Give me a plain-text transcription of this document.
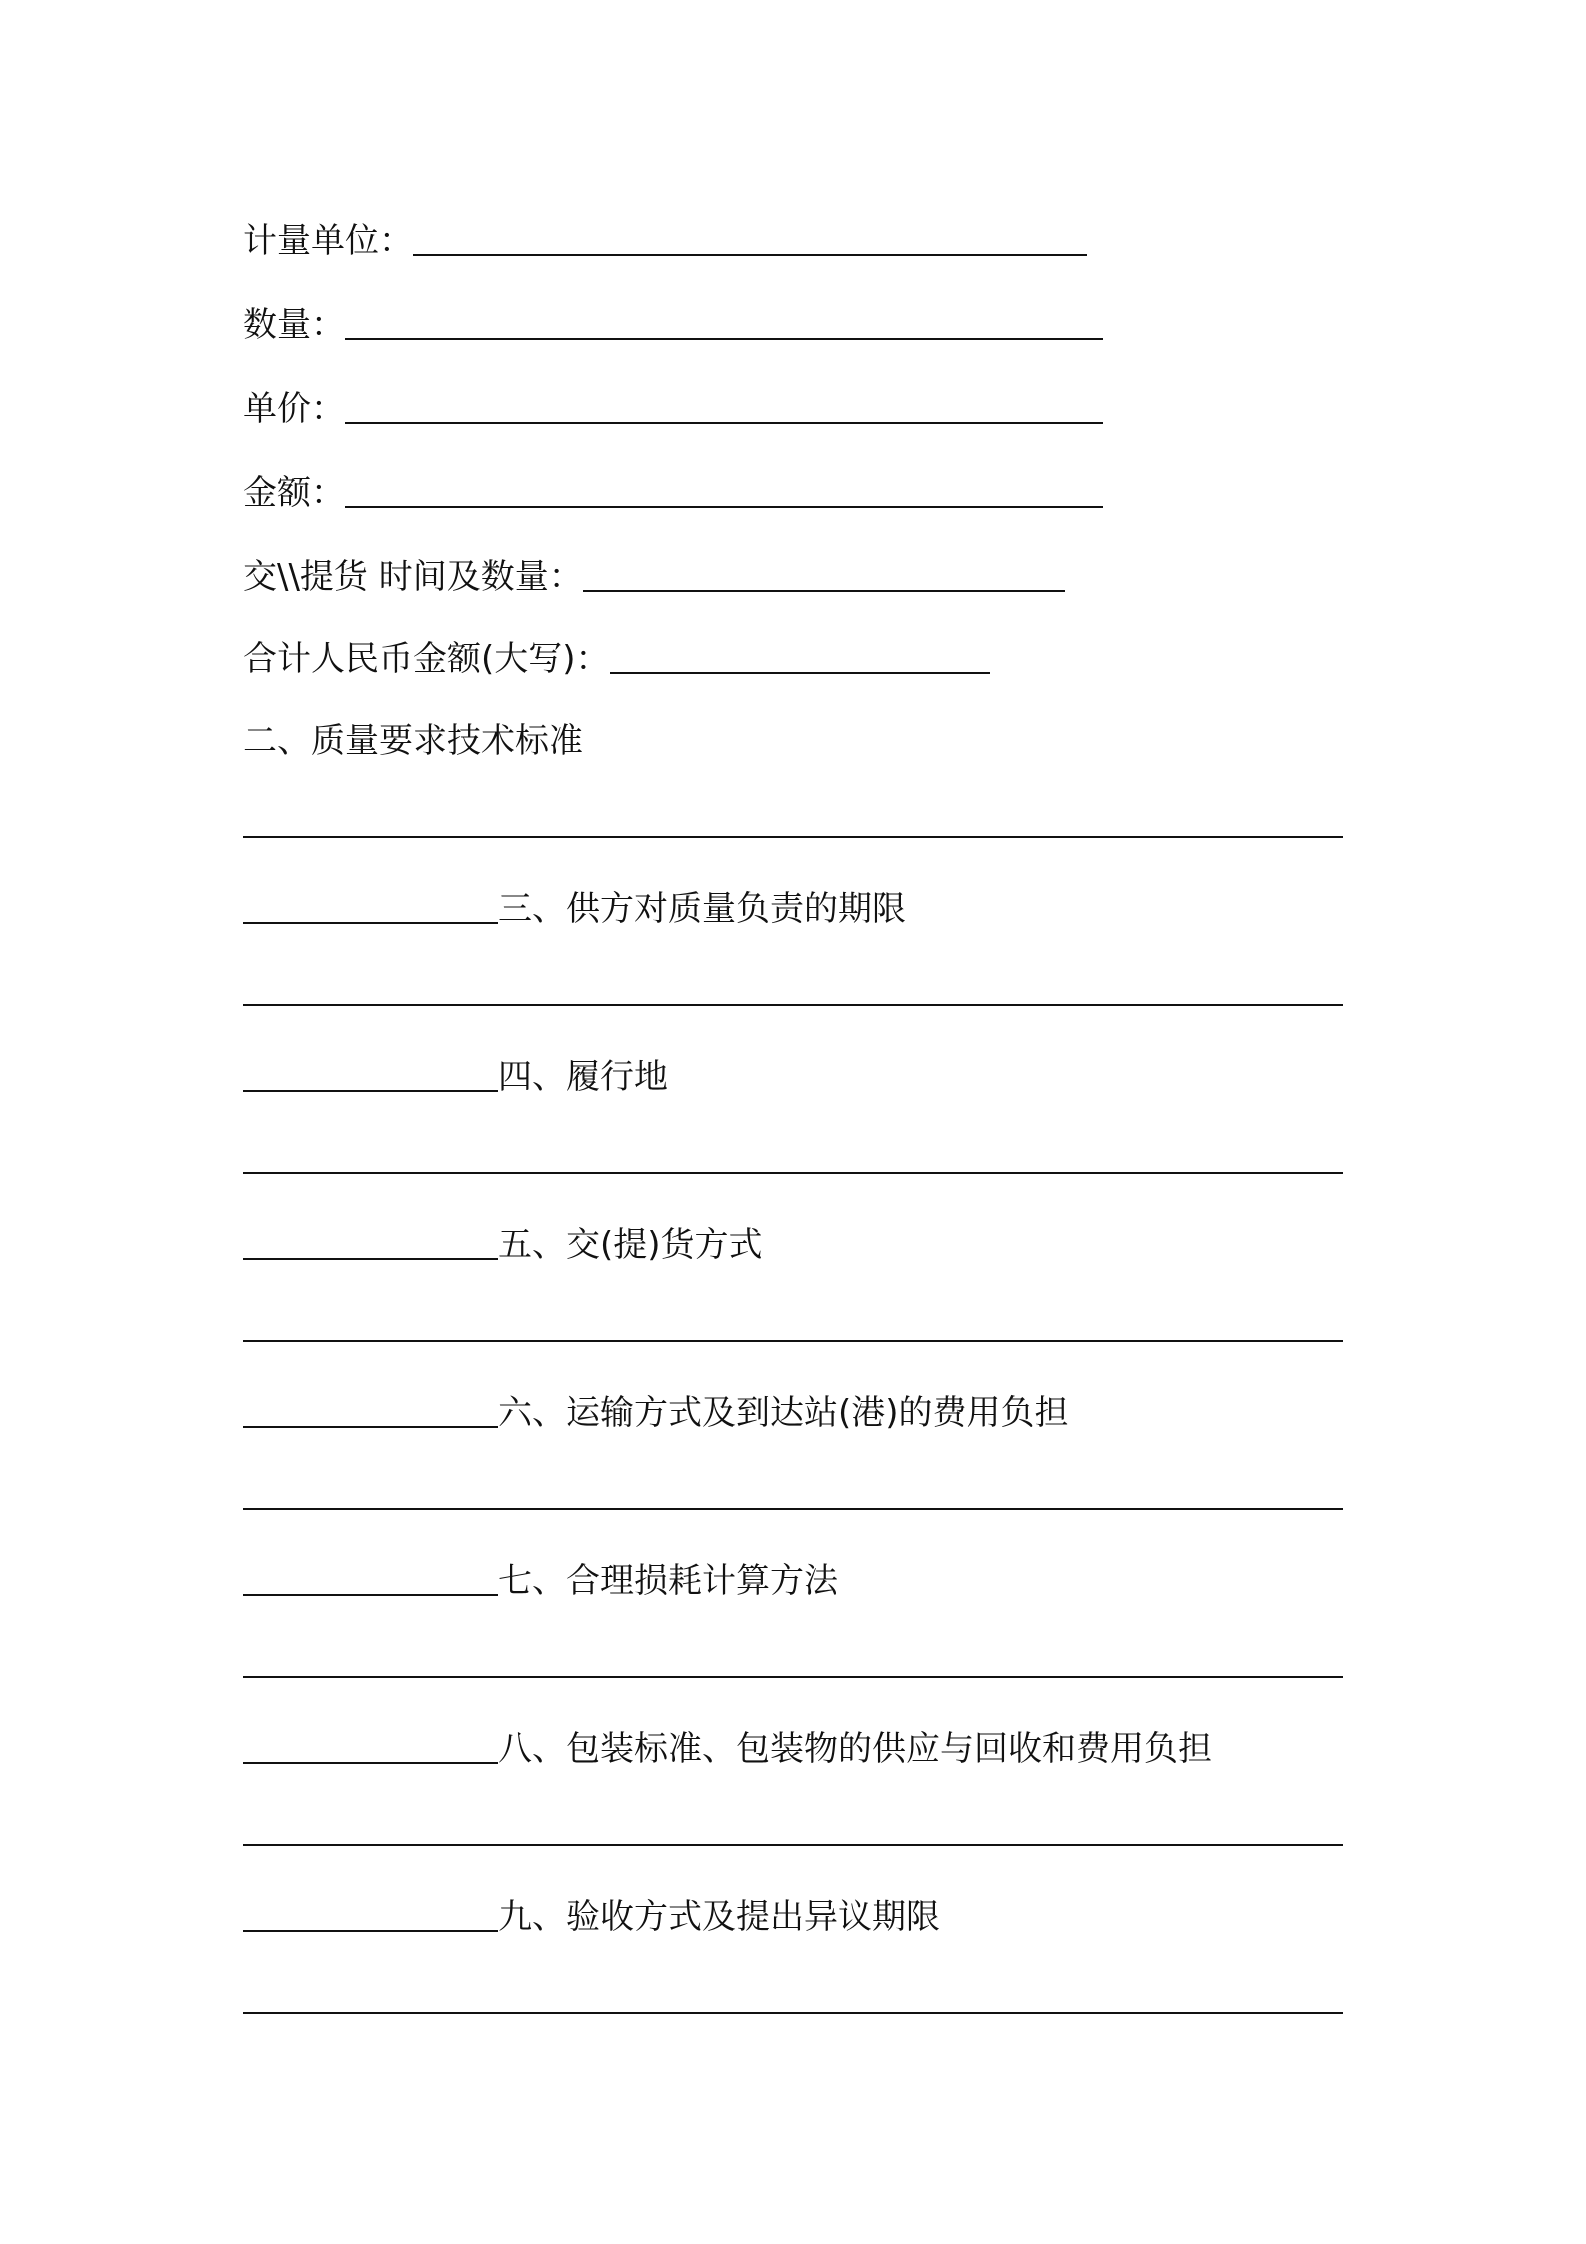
计量单位：
数量：
单价：
金额：
交\\提货 时间及数量：
合计人民币金额(大写)：
二、质量要求技术标准
三、供方对质量负责的期限
四、履行地
五、交(提)货方式
六、运输方式及到达站(港)的费用负担
七、合理损耗计算方法
八、包装标准、包装物的供应与回收和费用负担
九、验收方式及提出异议期限
